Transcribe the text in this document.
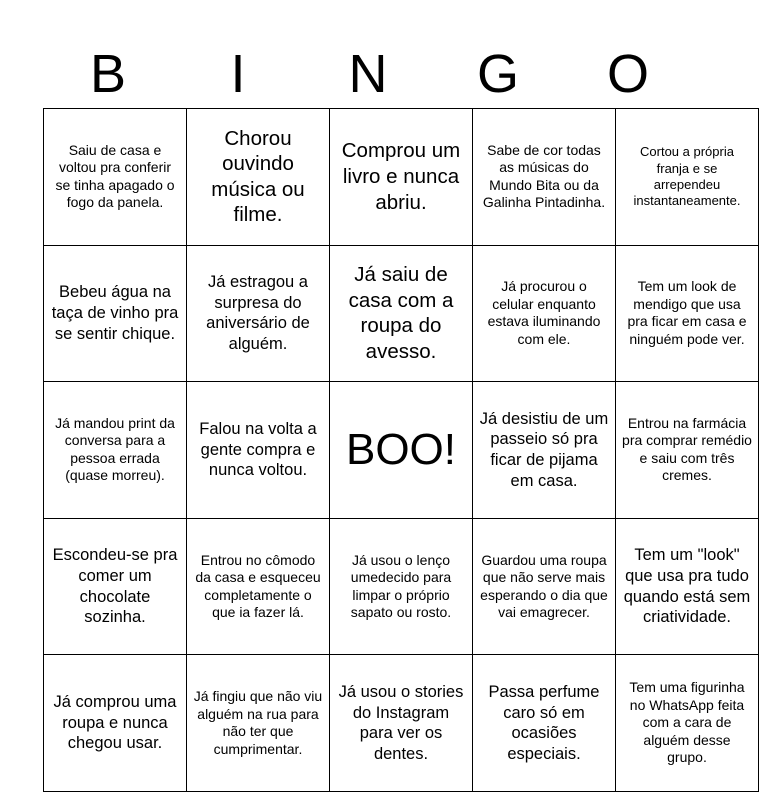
B	I	N	G	O
Saiu de casa e voltou pra conferir se tinha apagado o fogo da panela.	Chorou ouvindo música ou filme.	Comprou um livro e nunca abriu.	Sabe de cor todas as músicas do Mundo Bita ou da Galinha Pintadinha.	Cortou a própria franja e se arrependeu instantaneamente.
Bebeu água na taça de vinho pra se sentir chique.	Já estragou a surpresa do aniversário de alguém.	Já saiu de casa com a roupa do avesso.	Já procurou o celular enquanto estava iluminando com ele.	Tem um look de mendigo que usa pra ficar em casa e ninguém pode ver.
Já mandou print da conversa para a pessoa errada (quase morreu).	Falou na volta a gente compra e nunca voltou.	BOO!	Já desistiu de um passeio só pra ficar de pijama em casa.	Entrou na farmácia pra comprar remédio e saiu com três cremes.
Escondeu-se pra comer um chocolate sozinha.	Entrou no cômodo da casa e esqueceu completamente o que ia fazer lá.	Já usou o lenço umedecido para limpar o próprio sapato ou rosto.	Guardou uma roupa que não serve mais esperando o dia que vai emagrecer.	Tem um "look" que usa pra tudo quando está sem criatividade.
Já comprou uma roupa e nunca chegou usar.	Já fingiu que não viu alguém na rua para não ter que cumprimentar.	Já usou o stories do Instagram para ver os dentes.	Passa perfume caro só em ocasiões especiais.	Tem uma figurinha no WhatsApp feita com a cara de alguém desse grupo.
